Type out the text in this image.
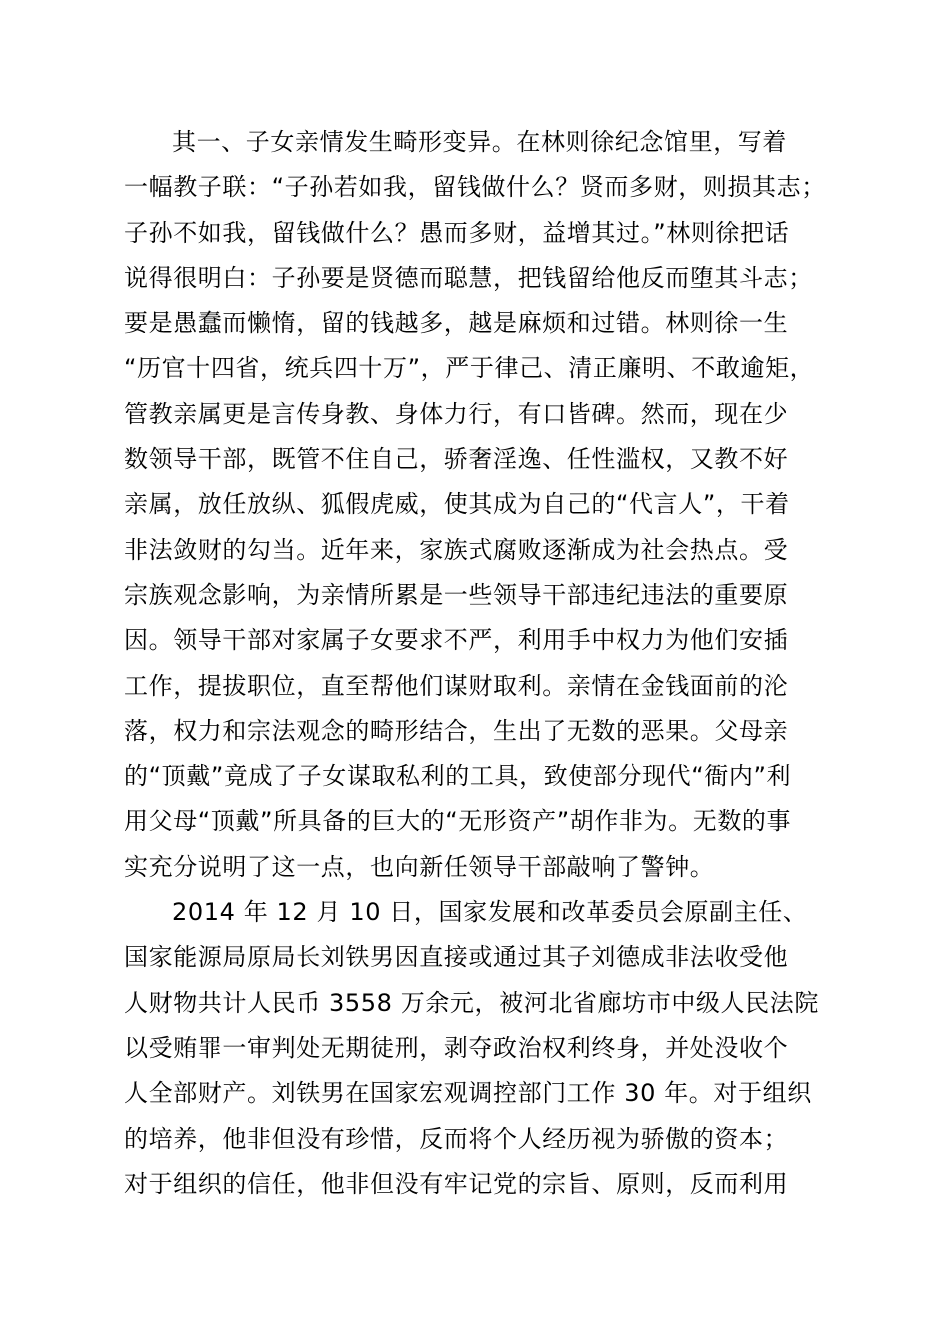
其一、子女亲情发生畸形变异。在林则徐纪念馆里，写着
一幅教子联：“子孙若如我，留钱做什么？贤而多财，则损其志；
子孙不如我，留钱做什么？愚而多财，益增其过。”林则徐把话
说得很明白：子孙要是贤德而聪慧，把钱留给他反而堕其斗志；
要是愚蠢而懒惰，留的钱越多，越是麻烦和过错。林则徐一生
“历官十四省，统兵四十万”，严于律己、清正廉明、不敢逾矩，
管教亲属更是言传身教、身体力行，有口皆碑。然而，现在少
数领导干部，既管不住自己，骄奢淫逸、任性滥权，又教不好
亲属，放任放纵、狐假虎威，使其成为自己的“代言人”，干着
非法敛财的勾当。近年来，家族式腐败逐渐成为社会热点。受
宗族观念影响，为亲情所累是一些领导干部违纪违法的重要原
因。领导干部对家属子女要求不严，利用手中权力为他们安插
工作，提拔职位，直至帮他们谋财取利。亲情在金钱面前的沦
落，权力和宗法观念的畸形结合，生出了无数的恶果。父母亲
的“顶戴”竟成了子女谋取私利的工具，致使部分现代“衙内”利
用父母“顶戴”所具备的巨大的“无形资产”胡作非为。无数的事
实充分说明了这一点，也向新任领导干部敲响了警钟。
2014 年 12 月 10 日，国家发展和改革委员会原副主任、
国家能源局原局长刘铁男因直接或通过其子刘德成非法收受他
人财物共计人民币 3558 万余元，被河北省廊坊市中级人民法院
以受贿罪一审判处无期徒刑，剥夺政治权利终身，并处没收个
人全部财产。刘铁男在国家宏观调控部门工作 30 年。对于组织
的培养，他非但没有珍惜，反而将个人经历视为骄傲的资本；
对于组织的信任，他非但没有牢记党的宗旨、原则，反而利用
